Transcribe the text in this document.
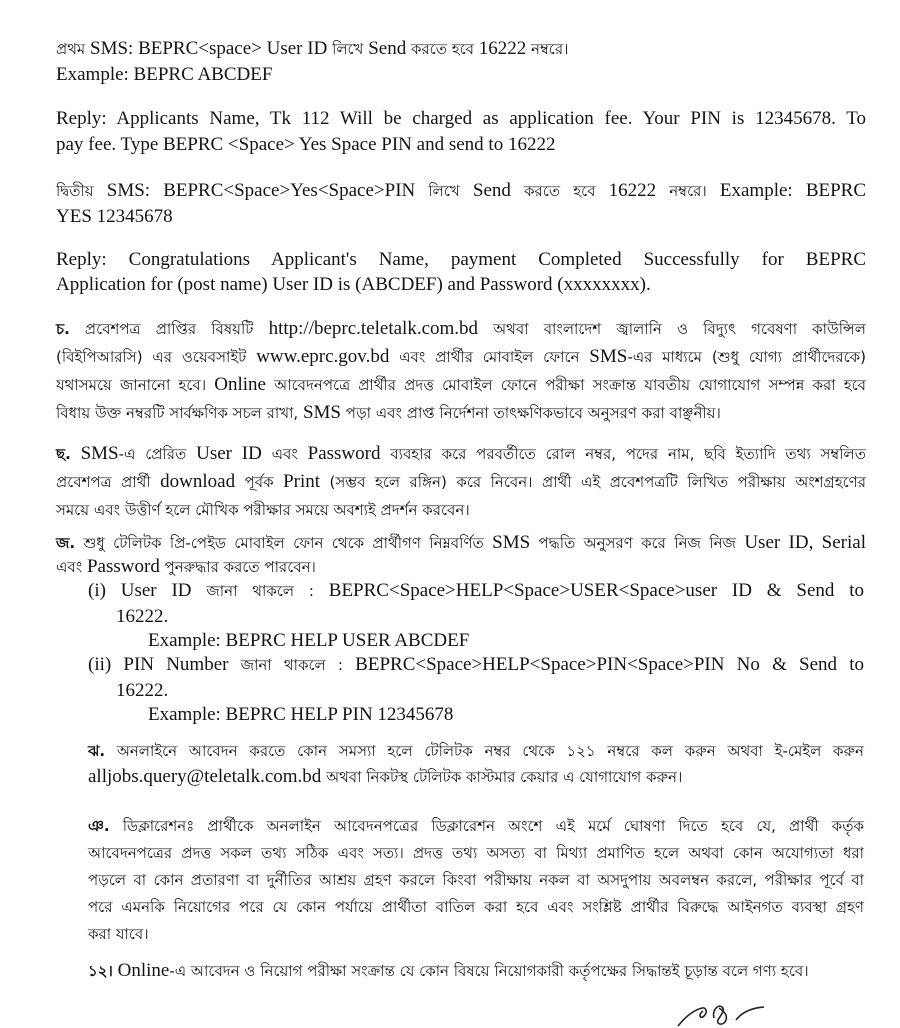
প্রথম SMS: BEPRC<space> User ID লিখে Send করতে হবে 16222 নম্বরে।
Example: BEPRC ABCDEF
Reply: Applicants Name, Tk 112 Will be charged as application fee. Your PIN is 12345678. To
pay fee. Type BEPRC <Space> Yes Space PIN and send to 16222
দ্বিতীয় SMS: BEPRC<Space>Yes<Space>PIN লিখে Send করতে হবে 16222 নম্বরে। Example: BEPRC
YES 12345678
Reply: Congratulations Applicant's Name, payment Completed Successfully for BEPRC
Application for (post name) User ID is (ABCDEF) and Password (xxxxxxxx).
চ. প্রবেশপত্র প্রাপ্তির বিষয়টি http://beprc.teletalk.com.bd অথবা বাংলাদেশ জ্বালানি ও বিদ্যুৎ গবেষণা কাউন্সিল
(বিইপিআরসি) এর ওয়েবসাইট www.eprc.gov.bd এবং প্রার্থীর মোবাইল ফোনে SMS-এর মাধ্যমে (শুধু যোগ্য প্রার্থীদেরকে)
যথাসময়ে জানানো হবে। Online আবেদনপত্রে প্রার্থীর প্রদত্ত মোবাইল ফোনে পরীক্ষা সংক্রান্ত যাবতীয় যোগাযোগ সম্পন্ন করা হবে
বিধায় উক্ত নম্বরটি সার্বক্ষণিক সচল রাখা, SMS পড়া এবং প্রাপ্ত নির্দেশনা তাৎক্ষণিকভাবে অনুসরণ করা বাঞ্ছনীয়।
ছ. SMS-এ প্রেরিত User ID এবং Password ব্যবহার করে পরবর্তীতে রোল নম্বর, পদের নাম, ছবি ইত্যাদি তথ্য সম্বলিত
প্রবেশপত্র প্রার্থী download পূর্বক Print (সম্ভব হলে রঙ্গিন) করে নিবেন। প্রার্থী এই প্রবেশপত্রটি লিখিত পরীক্ষায় অংশগ্রহণের
সময়ে এবং উত্তীর্ণ হলে মৌখিক পরীক্ষার সময়ে অবশ্যই প্রদর্শন করবেন।
জ. শুধু টেলিটক প্রি-পেইড মোবাইল ফোন থেকে প্রার্থীগণ নিম্নবর্ণিত SMS পদ্ধতি অনুসরণ করে নিজ নিজ User ID, Serial
এবং Password পুনরুদ্ধার করতে পারবেন।
(i) User ID জানা থাকলে : BEPRC<Space>HELP<Space>USER<Space>user ID & Send to
16222.
Example: BEPRC HELP USER ABCDEF
(ii) PIN Number জানা থাকলে : BEPRC<Space>HELP<Space>PIN<Space>PIN No & Send to
16222.
Example: BEPRC HELP PIN 12345678
ঝ. অনলাইনে আবেদন করতে কোন সমস্যা হলে টেলিটক নম্বর থেকে ১২১ নম্বরে কল করুন অথবা ই-মেইল করুন
alljobs.query@teletalk.com.bd অথবা নিকটস্থ টেলিটক কাস্টমার কেয়ার এ যোগাযোগ করুন।
ঞ. ডিক্লারেশনঃ প্রার্থীকে অনলাইন আবেদনপত্রের ডিক্লারেশন অংশে এই মর্মে ঘোষণা দিতে হবে যে, প্রার্থী কর্তৃক
আবেদনপত্রের প্রদত্ত সকল তথ্য সঠিক এবং সত্য। প্রদত্ত তথ্য অসত্য বা মিথ্যা প্রমাণিত হলে অথবা কোন অযোগ্যতা ধরা
পড়লে বা কোন প্রতারণা বা দুর্নীতির আশ্রয় গ্রহণ করলে কিংবা পরীক্ষায় নকল বা অসদুপায় অবলম্বন করলে, পরীক্ষার পূর্বে বা
পরে এমনকি নিয়োগের পরে যে কোন পর্যায়ে প্রার্থীতা বাতিল করা হবে এবং সংশ্লিষ্ট প্রার্থীর বিরুদ্ধে আইনগত ব্যবস্থা গ্রহণ
করা যাবে।
১২। Online-এ আবেদন ও নিয়োগ পরীক্ষা সংক্রান্ত যে কোন বিষয়ে নিয়োগকারী কর্তৃপক্ষের সিদ্ধান্তই চূড়ান্ত বলে গণ্য হবে।
